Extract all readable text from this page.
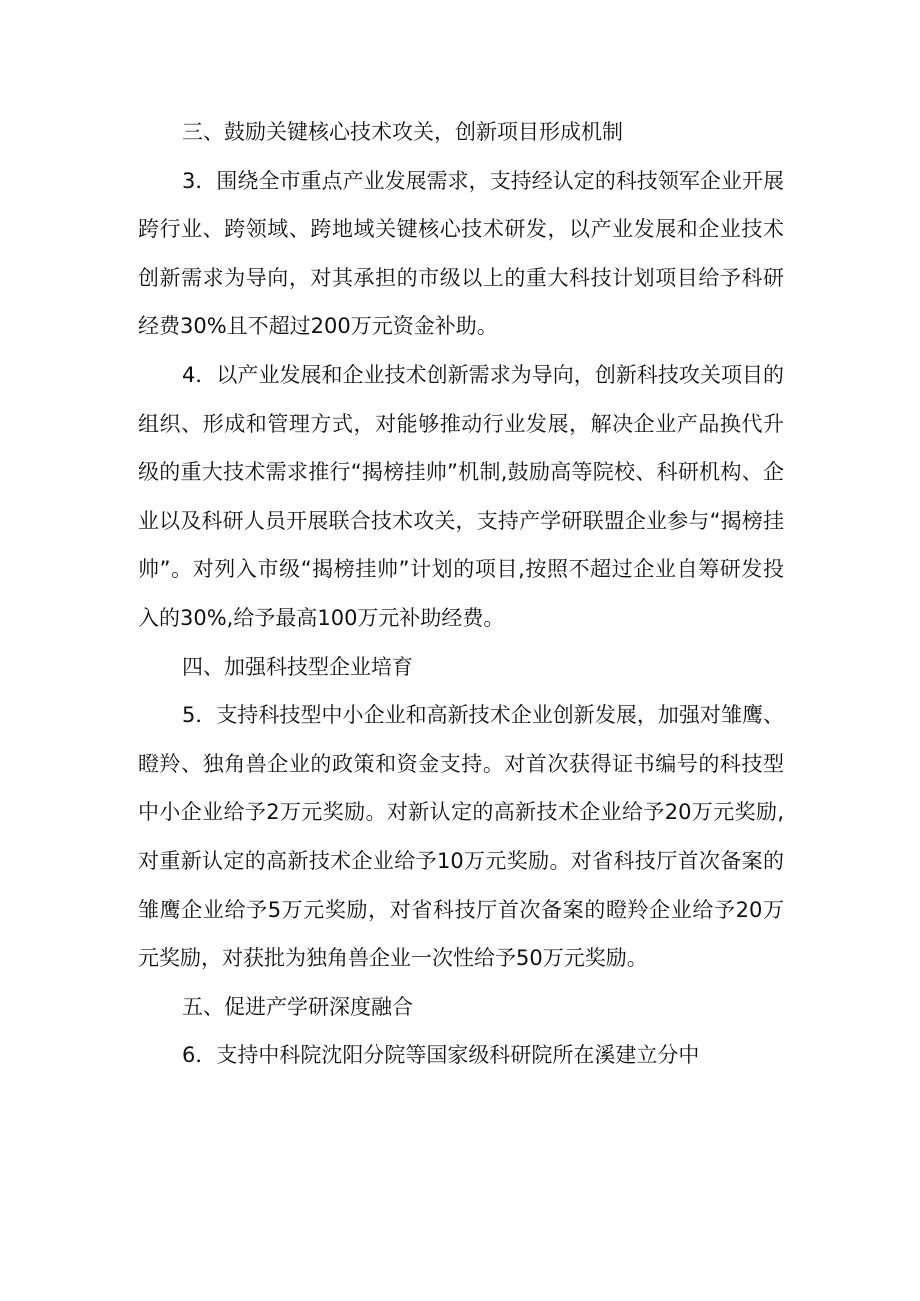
三、鼓励关键核心技术攻关，创新项目形成机制

3．围绕全市重点产业发展需求，支持经认定的科技领军企业开展跨行业、跨领域、跨地域关键核心技术研发，以产业发展和企业技术创新需求为导向，对其承担的市级以上的重大科技计划项目给予科研经费30%且不超过200万元资金补助。

4．以产业发展和企业技术创新需求为导向，创新科技攻关项目的组织、形成和管理方式，对能够推动行业发展，解决企业产品换代升级的重大技术需求推行“揭榜挂帅”机制,鼓励高等院校、科研机构、企业以及科研人员开展联合技术攻关，支持产学研联盟企业参与“揭榜挂帅”。对列入市级“揭榜挂帅”计划的项目,按照不超过企业自筹研发投入的30%,给予最高100万元补助经费。

四、加强科技型企业培育

5．支持科技型中小企业和高新技术企业创新发展，加强对雏鹰、瞪羚、独角兽企业的政策和资金支持。对首次获得证书编号的科技型中小企业给予2万元奖励。对新认定的高新技术企业给予20万元奖励,对重新认定的高新技术企业给予10万元奖励。对省科技厅首次备案的雏鹰企业给予5万元奖励，对省科技厅首次备案的瞪羚企业给予20万元奖励，对获批为独角兽企业一次性给予50万元奖励。

五、促进产学研深度融合

6．支持中科院沈阳分院等国家级科研院所在溪建立分中
